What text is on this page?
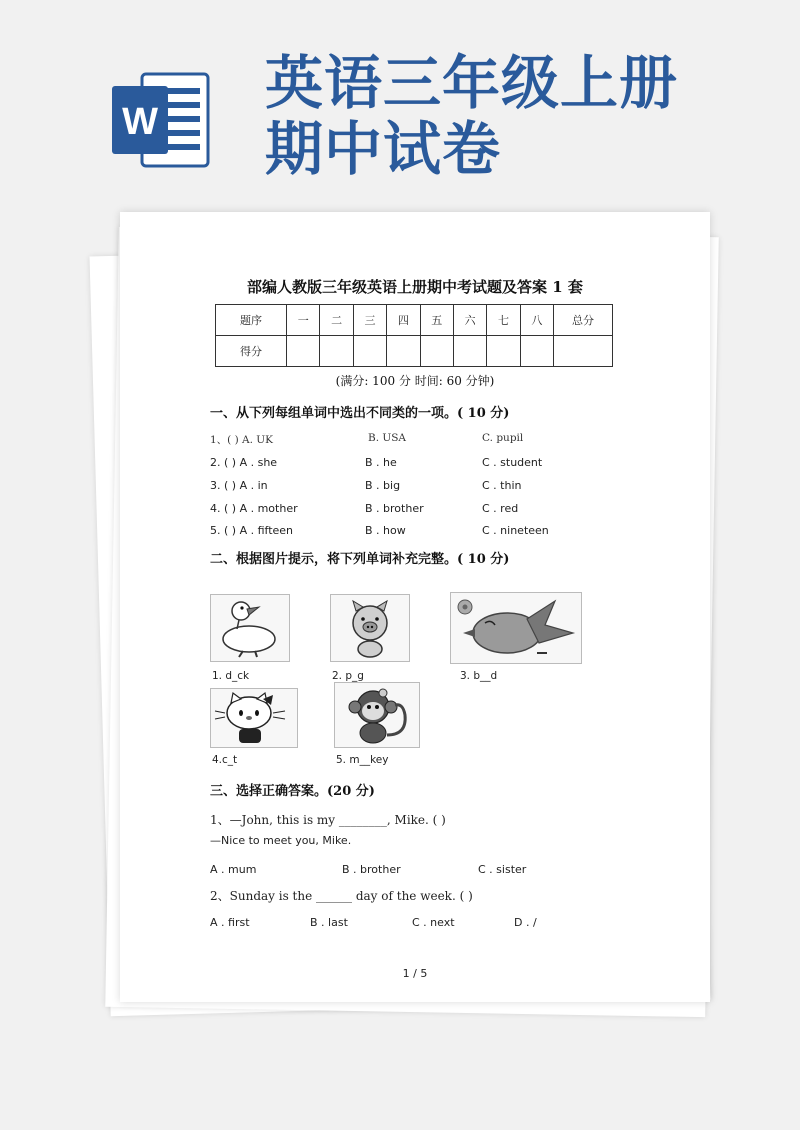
W
英语三年级上册
期中试卷
部编人教版三年级英语上册期中考试题及答案 1 套
题序	一	二	三	四	五	六	七	八	总分
得分									
(满分: 100 分 时间: 60 分钟)
一、从下列每组单词中选出不同类的一项。( 10 分)
1、( ) A. UK	B. USA	C. pupil
2. ( ) A . she	B . he	C . student
3. ( ) A . in	B . big	C . thin
4. ( ) A . mother	B . brother	C . red
5. ( ) A . fifteen	B . how	C . nineteen
二、根据图片提示，将下列单词补充完整。( 10 分)
1. d_ck	2. p_g	3. b__d
4.c_t	5. m__key
三、选择正确答案。(20 分)
1、—John, this is my ________, Mike. ( )
—Nice to meet you, Mike.
A . mum	B . brother	C . sister
2、Sunday is the ______ day of the week. ( )
A . first	B . last	C . next	D . /
1 / 5
